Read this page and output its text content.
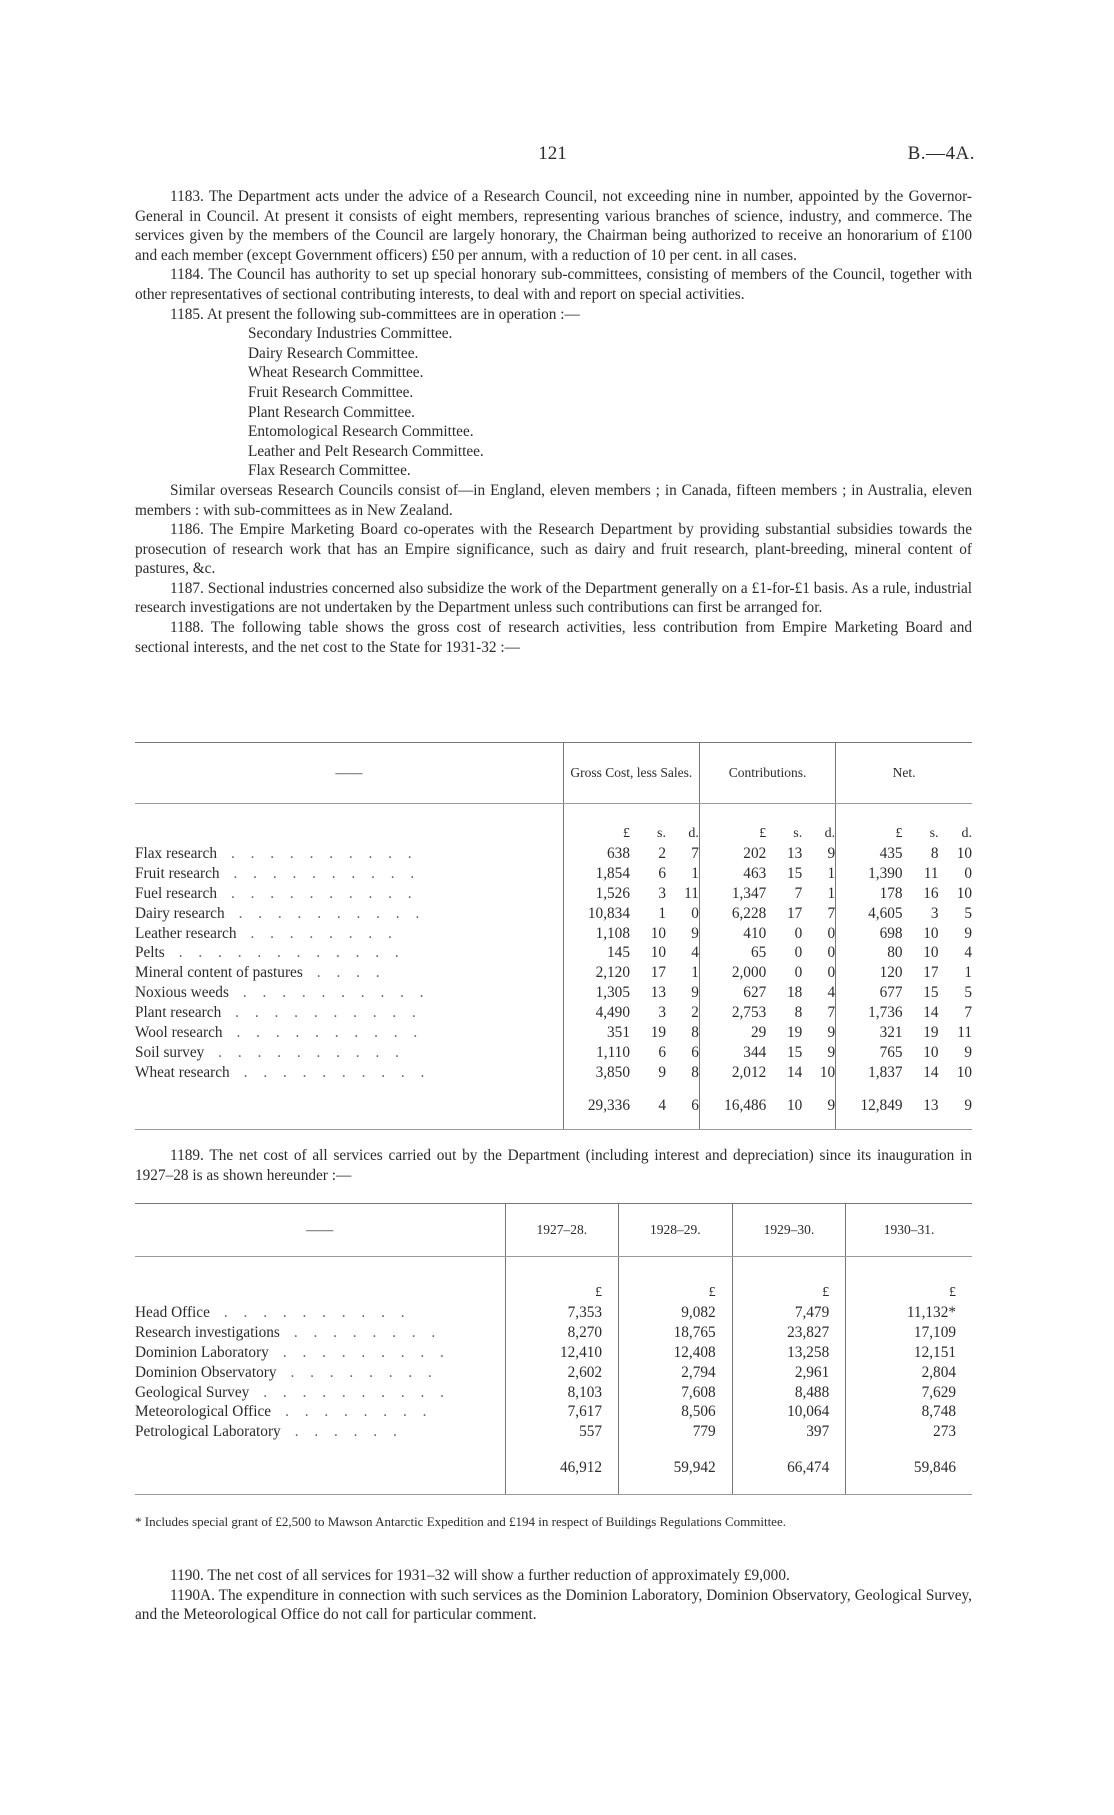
121	B.—4A.

1183. The Department acts under the advice of a Research Council, not exceeding nine in number, appointed by the Governor-General in Council. At present it consists of eight members, representing various branches of science, industry, and commerce. The services given by the members of the Council are largely honorary, the Chairman being authorized to receive an honorarium of £100 and each member (except Government officers) £50 per annum, with a reduction of 10 per cent. in all cases.

1184. The Council has authority to set up special honorary sub-committees, consisting of members of the Council, together with other representatives of sectional contributing interests, to deal with and report on special activities.

1185. At present the following sub-committees are in operation :—

Secondary Industries Committee.
Dairy Research Committee.
Wheat Research Committee.
Fruit Research Committee.
Plant Research Committee.
Entomological Research Committee.
Leather and Pelt Research Committee.
Flax Research Committee.

Similar overseas Research Councils consist of—in England, eleven members ; in Canada, fifteen members ; in Australia, eleven members : with sub-committees as in New Zealand.

1186. The Empire Marketing Board co-operates with the Research Department by providing substantial subsidies towards the prosecution of research work that has an Empire significance, such as dairy and fruit research, plant-breeding, mineral content of pastures, &c.

1187. Sectional industries concerned also subsidize the work of the Department generally on a £1-for-£1 basis. As a rule, industrial research investigations are not undertaken by the Department unless such contributions can first be arranged for.

1188. The following table shows the gross cost of research activities, less contribution from Empire Marketing Board and sectional interests, and the net cost to the State for 1931-32 :—

——	Gross Cost, less Sales.			Contributions.			Net.		
	£	s.	d.	£	s.	d.	£	s.	d.
Flax research . . . . . . . . . .	638	2	7	202	13	9	435	8	10
Fruit research . . . . . . . . . .	1,854	6	1	463	15	1	1,390	11	0
Fuel research . . . . . . . . . .	1,526	3	11	1,347	7	1	178	16	10
Dairy research . . . . . . . . . .	10,834	1	0	6,228	17	7	4,605	3	5
Leather research . . . . . . . .	1,108	10	9	410	0	0	698	10	9
Pelts . . . . . . . . . . . .	145	10	4	65	0	0	80	10	4
Mineral content of pastures . . . .	2,120	17	1	2,000	0	0	120	17	1
Noxious weeds . . . . . . . . . .	1,305	13	9	627	18	4	677	15	5
Plant research . . . . . . . . . .	4,490	3	2	2,753	8	7	1,736	14	7
Wool research . . . . . . . . . .	351	19	8	29	19	9	321	19	11
Soil survey . . . . . . . . . .	1,110	6	6	344	15	9	765	10	9
Wheat research . . . . . . . . . .	3,850	9	8	2,012	14	10	1,837	14	10
	29,336	4	6	16,486	10	9	12,849	13	9

1189. The net cost of all services carried out by the Department (including interest and depreciation) since its inauguration in 1927–28 is as shown hereunder :—

——	1927–28.	1928–29.	1929–30.	1930–31.
	£	£	£	£
Head Office . . . . . . . . . .	7,353	9,082	7,479	11,132*
Research investigations . . . . . . . .	8,270	18,765	23,827	17,109
Dominion Laboratory . . . . . . . . .	12,410	12,408	13,258	12,151
Dominion Observatory . . . . . . . .	2,602	2,794	2,961	2,804
Geological Survey . . . . . . . . . .	8,103	7,608	8,488	7,629
Meteorological Office . . . . . . . .	7,617	8,506	10,064	8,748
Petrological Laboratory . . . . . .	557	779	397	273
	46,912	59,942	66,474	59,846
* Includes special grant of £2,500 to Mawson Antarctic Expedition and £194 in respect of Buildings Regulations Committee.

1190. The net cost of all services for 1931–32 will show a further reduction of approximately £9,000.

1190A. The expenditure in connection with such services as the Dominion Laboratory, Dominion Observatory, Geological Survey, and the Meteorological Office do not call for particular comment.
